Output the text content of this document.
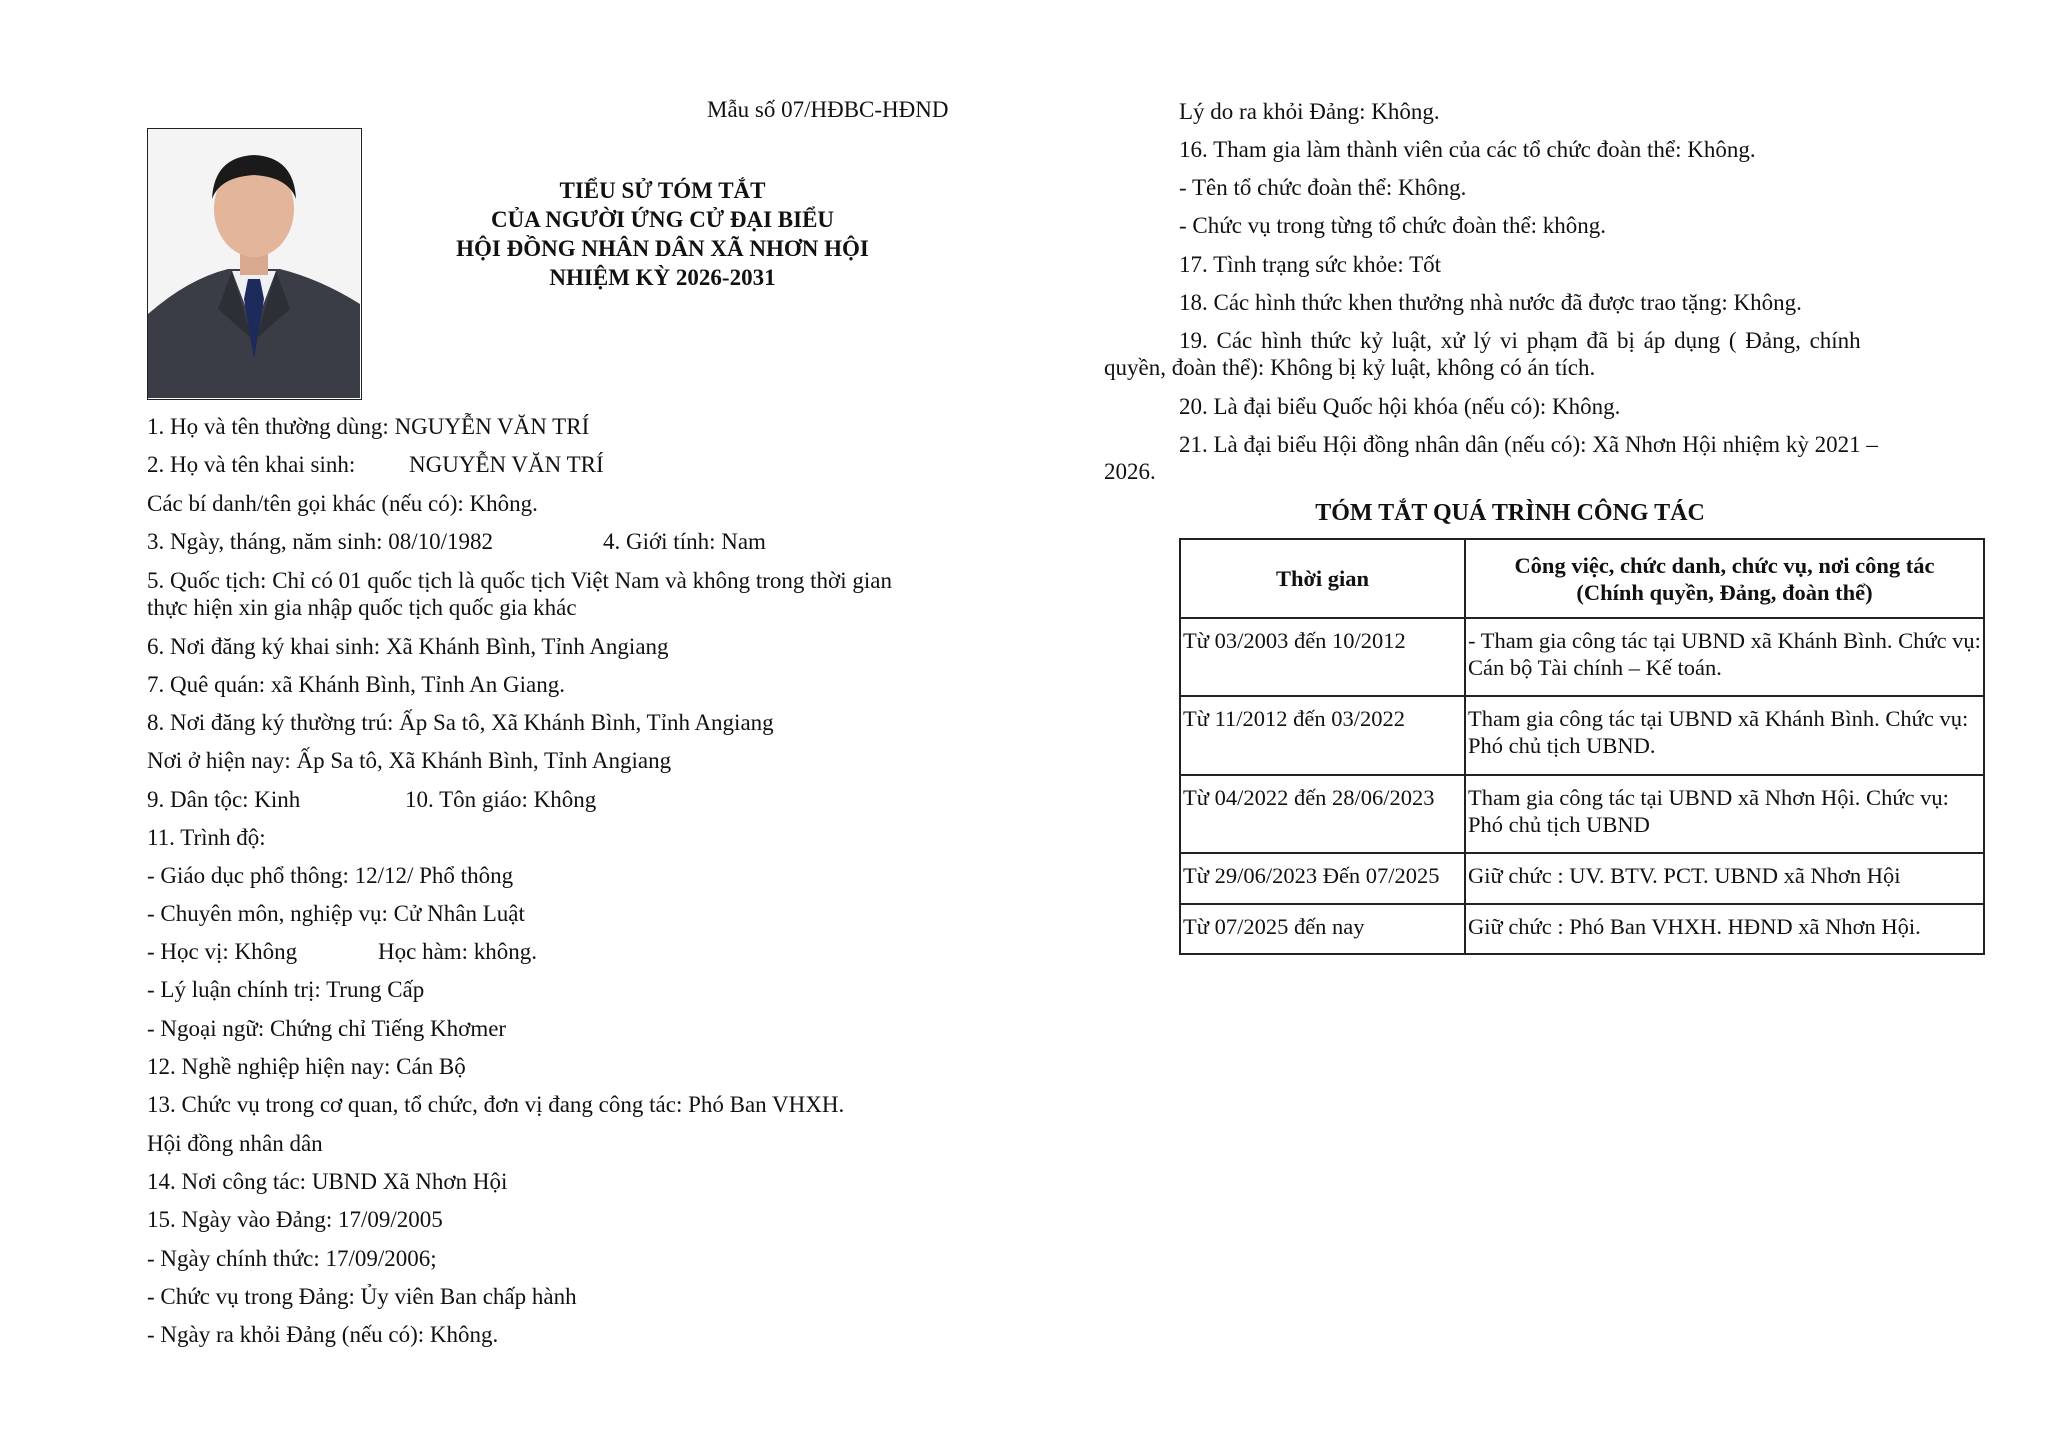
Mẫu số 07/HĐBC-HĐND
TIỂU SỬ TÓM TẮT
CỦA NGƯỜI ỨNG CỬ ĐẠI BIỂU
HỘI ĐỒNG NHÂN DÂN XÃ NHƠN HỘI
NHIỆM KỲ 2026-2031
1. Họ và tên thường dùng: NGUYỄN VĂN TRÍ
2. Họ và tên khai sinh: NGUYỄN VĂN TRÍ
Các bí danh/tên gọi khác (nếu có): Không.
3. Ngày, tháng, năm sinh: 08/10/1982	4. Giới tính: Nam
5. Quốc tịch: Chỉ có 01 quốc tịch là quốc tịch Việt Nam và không trong thời gian
thực hiện xin gia nhập quốc tịch quốc gia khác
6. Nơi đăng ký khai sinh: Xã Khánh Bình, Tỉnh Angiang
7. Quê quán: xã Khánh Bình, Tỉnh An Giang.
8. Nơi đăng ký thường trú: Ấp Sa tô, Xã Khánh Bình, Tỉnh Angiang
Nơi ở hiện nay: Ấp Sa tô, Xã Khánh Bình, Tỉnh Angiang
9. Dân tộc: Kinh	10. Tôn giáo: Không
11. Trình độ:
- Giáo dục phổ thông: 12/12/ Phổ thông
- Chuyên môn, nghiệp vụ: Cử Nhân Luật
- Học vị: Không	Học hàm: không.
- Lý luận chính trị: Trung Cấp
- Ngoại ngữ: Chứng chỉ Tiếng Khơmer
12. Nghề nghiệp hiện nay: Cán Bộ
13. Chức vụ trong cơ quan, tổ chức, đơn vị đang công tác: Phó Ban VHXH.
Hội đồng nhân dân
14. Nơi công tác: UBND Xã Nhơn Hội
15. Ngày vào Đảng: 17/09/2005
- Ngày chính thức: 17/09/2006;
- Chức vụ trong Đảng: Ủy viên Ban chấp hành
- Ngày ra khỏi Đảng (nếu có): Không.
Lý do ra khỏi Đảng: Không.
16. Tham gia làm thành viên của các tổ chức đoàn thể: Không.
- Tên tổ chức đoàn thể: Không.
- Chức vụ trong từng tổ chức đoàn thể: không.
17. Tình trạng sức khỏe: Tốt
18. Các hình thức khen thưởng nhà nước đã được trao tặng: Không.
19. Các hình thức kỷ luật, xử lý vi phạm đã bị áp dụng ( Đảng, chính
quyền, đoàn thể): Không bị kỷ luật, không có án tích.
20. Là đại biểu Quốc hội khóa (nếu có): Không.
21. Là đại biểu Hội đồng nhân dân (nếu có): Xã Nhơn Hội nhiệm kỳ 2021 –
2026.
TÓM TẮT QUÁ TRÌNH CÔNG TÁC
Thời gian	Công việc, chức danh, chức vụ, nơi công tác
(Chính quyền, Đảng, đoàn thể)

Từ 03/2003 đến 10/2012	- Tham gia công tác tại UBND xã Khánh Bình. Chức vụ: Cán bộ Tài chính – Kế toán.
Từ 11/2012 đến 03/2022	Tham gia công tác tại UBND xã Khánh Bình. Chức vụ: Phó chủ tịch UBND.
Từ 04/2022 đến 28/06/2023	Tham gia công tác tại UBND xã Nhơn Hội. Chức vụ: Phó chủ tịch UBND
Từ 29/06/2023 Đến 07/2025	Giữ chức : UV. BTV. PCT. UBND xã Nhơn Hội
Từ 07/2025 đến nay	Giữ chức : Phó Ban VHXH. HĐND xã Nhơn Hội.
